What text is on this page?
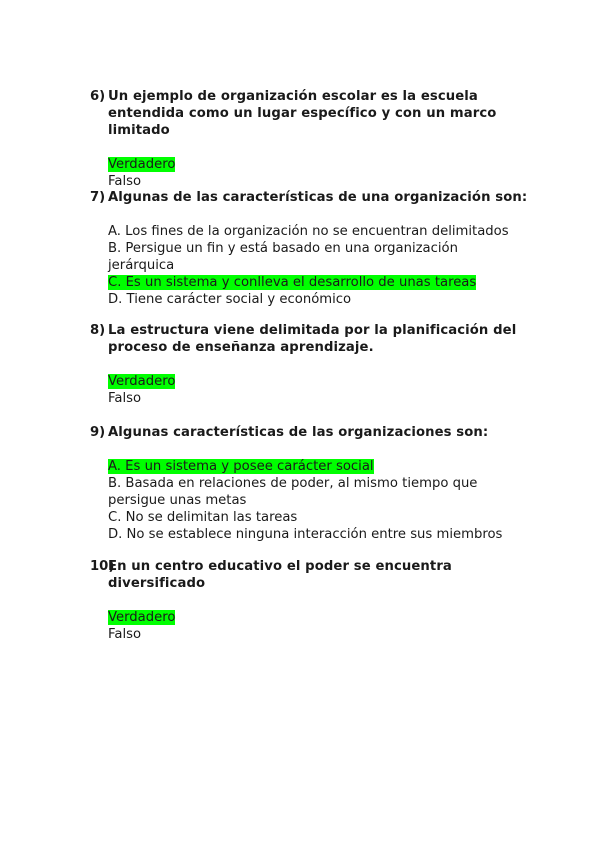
6) Un ejemplo de organización escolar es la escuela entendida como un lugar específico y con un marco limitado
Verdadero
Falso
7) Algunas de las características de una organización son:
A. Los fines de la organización no se encuentran delimitados
B. Persigue un fin y está basado en una organización jerárquica
C. Es un sistema y conlleva el desarrollo de unas tareas
D. Tiene carácter social y económico
8) La estructura viene delimitada por la planificación del proceso de enseñanza aprendizaje.
Verdadero
Falso
9) Algunas características de las organizaciones son:
A. Es un sistema y posee carácter social
B. Basada en relaciones de poder, al mismo tiempo que persigue unas metas
C. No se delimitan las tareas
D. No se establece ninguna interacción entre sus miembros
10)
En un centro educativo el poder se encuentra diversificado
Verdadero
Falso
